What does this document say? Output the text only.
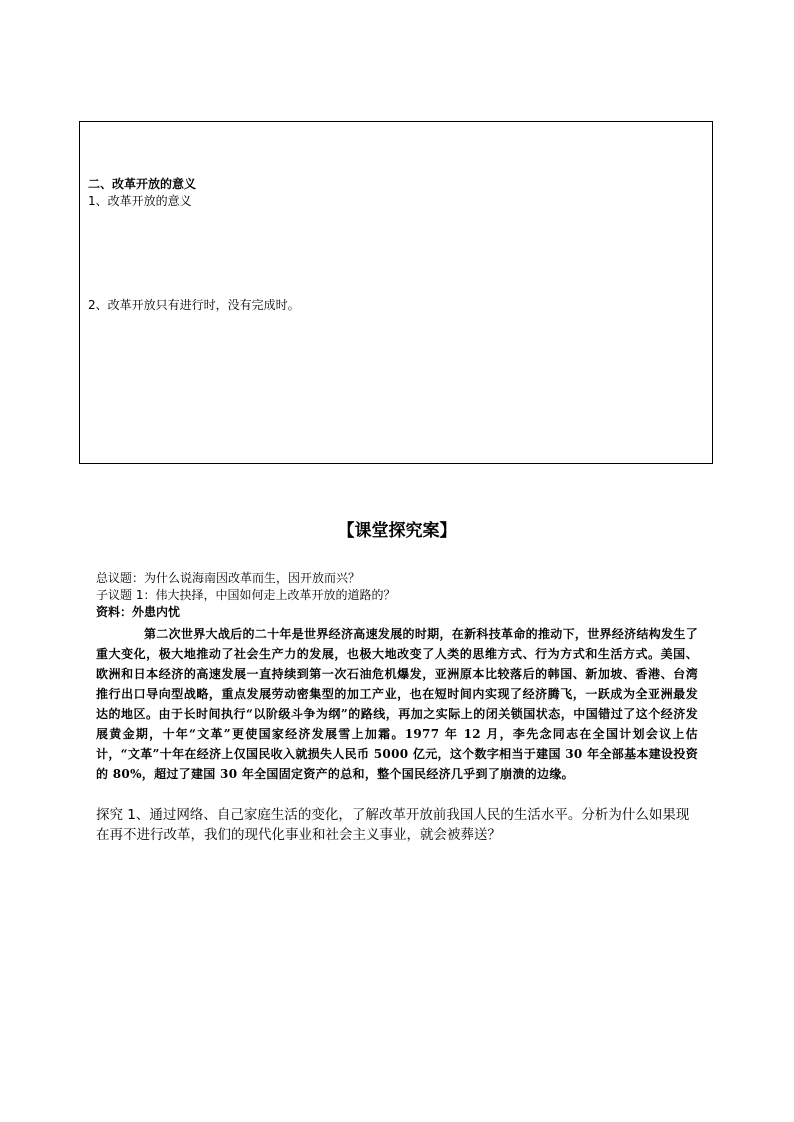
二、改革开放的意义
1、改革开放的意义
2、改革开放只有进行时，没有完成时。
【课堂探究案】
总议题：为什么说海南因改革而生，因开放而兴？
子议题 1：伟大抉择，中国如何走上改革开放的道路的？
资料：外患内忧
第二次世界大战后的二十年是世界经济高速发展的时期，在新科技革命的推动下，世界经济结构发生了重大变化，极大地推动了社会生产力的发展，也极大地改变了人类的思维方式、行为方式和生活方式。美国、欧洲和日本经济的高速发展一直持续到第一次石油危机爆发，亚洲原本比较落后的韩国、新加坡、香港、台湾推行出口导向型战略，重点发展劳动密集型的加工产业，也在短时间内实现了经济腾飞，一跃成为全亚洲最发达的地区。由于长时间执行“以阶级斗争为纲”的路线，再加之实际上的闭关锁国状态，中国错过了这个经济发展黄金期，十年“文革”更使国家经济发展雪上加霜。1977 年 12 月，李先念同志在全国计划会议上估计，“文革”十年在经济上仅国民收入就损失人民币 5000 亿元，这个数字相当于建国 30 年全部基本建设投资的 80%，超过了建国 30 年全国固定资产的总和，整个国民经济几乎到了崩溃的边缘。
探究 1、通过网络、自己家庭生活的变化，了解改革开放前我国人民的生活水平。分析为什么如果现在再不进行改革，我们的现代化事业和社会主义事业，就会被葬送？
